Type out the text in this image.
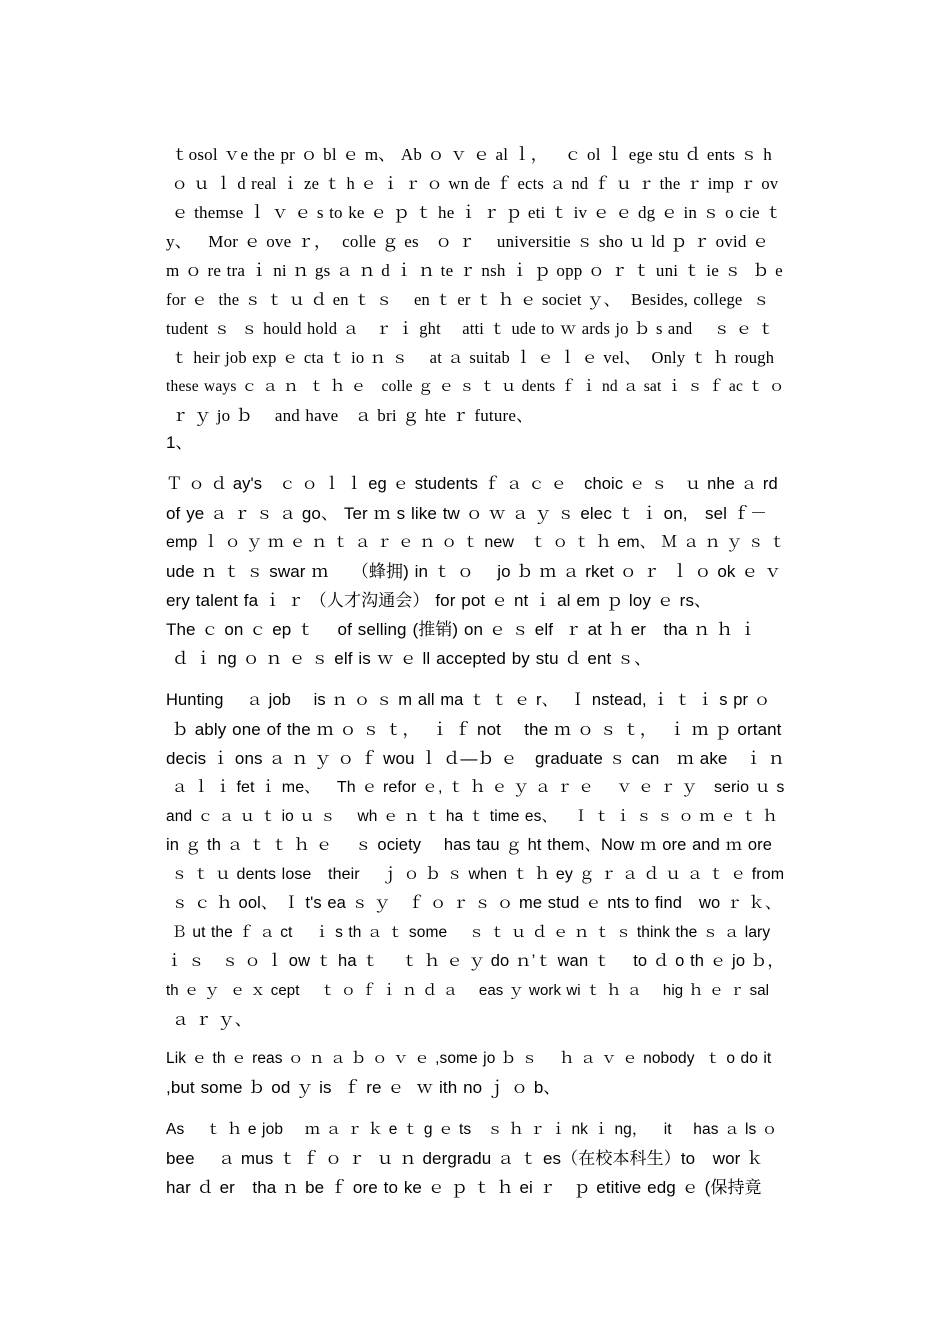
ｔosol ｖe the pr ｏ bl ｅ m、 Ab ｏ ｖ ｅ al ｌ，   ｃ ol ｌ ege stu ｄ ents ｓ h
ｏ ｕ ｌ d real ｉ ze ｔ h ｅ ｉ ｒ ｏ wn de ｆ ects ａ nd ｆ ｕ ｒ the ｒ imp ｒ ov
ｅ themse ｌ ｖ ｅ s to ke ｅ ｐ ｔ he ｉ ｒ ｐ eti ｔ iv ｅ ｅ dg ｅ in ｓ o cie ｔ
y、   Mor ｅ ove ｒ，  colle ｇ es   ｏ ｒ    universitie ｓ sho ｕ ld ｐ ｒ ovid ｅ
m ｏ re tra ｉ ni ｎ gs ａ ｎ d ｉ ｎ te ｒ nsh ｉ ｐ opp ｏ ｒ ｔ uni ｔ ie ｓ  ｂ e
for ｅ  the ｓ ｔ ｕ ｄ en ｔ ｓ    en ｔ er ｔ ｈ ｅ societ ｙ、  Besides, college  ｓ
tudent ｓ  ｓ hould hold ａ   ｒ ｉ ght    atti ｔ ude to ｗ ards jo ｂ s and    ｓ ｅ ｔ
ｔ heir job exp ｅ cta ｔ io ｎ ｓ    at ａ suitab ｌ ｅ ｌ ｅ vel、  Only ｔ ｈ rough
these ways ｃ ａ ｎ  ｔ ｈ ｅ   colle ｇ ｅ ｓ ｔ ｕ dents ｆ ｉ nd ａ sat ｉ ｓ ｆ ac ｔ ｏ
ｒ ｙ jo ｂ    and have   ａ bri ｇ hte ｒ future、
1、
Ｔ ｏ ｄ ay's   ｃ ｏ ｌ ｌ eg ｅ students ｆ ａ ｃ ｅ   choic ｅ ｓ   ｕ nhe ａ rd
of ye ａ ｒ ｓ ａ go、 Ter ｍ s like tw ｏ ｗ ａ ｙ ｓ elec ｔ ｉ on,   sel ｆ－
emp ｌ ｏ ｙ ｍ ｅ ｎ ｔ ａ ｒ ｅ ｎ ｏ ｔ new   ｔ ｏ ｔ ｈ em、 Ｍ ａ ｎ ｙ ｓ ｔ
ude ｎ ｔ ｓ swar ｍ    （蜂拥) in ｔ ｏ    jo ｂ ｍ ａ rket ｏ ｒ  ｌ ｏ ok ｅ ｖ
ery talent fa ｉ ｒ （人才沟通会） for pot ｅ nt ｉ al em ｐ loy ｅ rs、
The ｃ on ｃ ep ｔ    of selling (推销) on ｅ ｓ elf  ｒ at ｈ er   tha ｎ ｈ ｉ
ｄ ｉ ng ｏ ｎ ｅ ｓ elf is ｗ ｅ ll accepted by stu ｄ ent ｓ、
Hunting    ａ job    is ｎ ｏ ｓ m all ma ｔ ｔ ｅ r、  Ｉ nstead, ｉ ｔ ｉ s pr ｏ
ｂ ably one of the ｍ ｏ ｓ ｔ，  ｉ ｆ not    the ｍ ｏ ｓ ｔ，  ｉ ｍ ｐ ortant
decis ｉ ons ａ ｎ ｙ ｏ ｆ wou ｌ ｄ—ｂ ｅ   graduate ｓ can   ｍ ake   ｉ ｎ
ａ ｌ ｉ fet ｉ me、   Th ｅ refor ｅ, ｔ ｈ ｅ ｙ ａ ｒ ｅ    ｖ ｅ ｒ ｙ   serio ｕ s
and ｃ ａ ｕ ｔ io ｕ ｓ    wh ｅ ｎ ｔ ha ｔ time es、   Ｉ ｔ ｉ ｓ ｓ ｏ ｍ ｅ ｔ ｈ
in ｇ th ａ ｔ ｔ ｈ ｅ    ｓ ociety    has tau ｇ ht them、Now ｍ ore and ｍ ore
ｓ ｔ ｕ dents lose   their    ｊ ｏ ｂ ｓ when ｔ ｈ ey ｇ ｒ ａ ｄ ｕ ａ ｔ ｅ from
ｓ ｃ ｈ ool、 Ｉ t's ea ｓ ｙ   ｆ ｏ ｒ ｓ ｏ me stud ｅ nts to find   wo ｒ ｋ、
Ｂ ut the ｆ ａ ct    ｉ s th ａ ｔ some    ｓ ｔ ｕ ｄ ｅ ｎ ｔ ｓ think the ｓ ａ lary
ｉ ｓ   ｓ ｏ ｌ ow ｔ ha ｔ    ｔ ｈ ｅ ｙ do ｎ’ｔ wan ｔ    to ｄ o th ｅ jo ｂ，
th ｅ ｙ  ｅ ｘ cept    ｔ ｏ ｆ ｉ ｎ ｄ ａ    eas ｙ work wi ｔ ｈ ａ    hig ｈ ｅ ｒ sal
ａ ｒ ｙ、
Lik ｅ th ｅ reas ｏ ｎ ａ ｂ ｏ ｖ ｅ ,some jo ｂ ｓ    ｈ ａ ｖ ｅ nobody  ｔ o do it
,but some ｂ od ｙ is  ｆ re ｅ  ｗ ith no ｊ ｏ b、
As    ｔ ｈ e job    ｍ ａ ｒ ｋ e ｔ g ｅ ts   ｓ ｈ ｒ ｉ nk ｉ ng，   it    has ａ ls ｏ
bee    ａ mus ｔ ｆ ｏ ｒ  ｕ ｎ dergradu ａ ｔ es（在校本科生）to   wor ｋ
har ｄ er   tha ｎ be ｆ ore to ke ｅ ｐ ｔ ｈ ei ｒ   ｐ etitive edg ｅ (保持竟
